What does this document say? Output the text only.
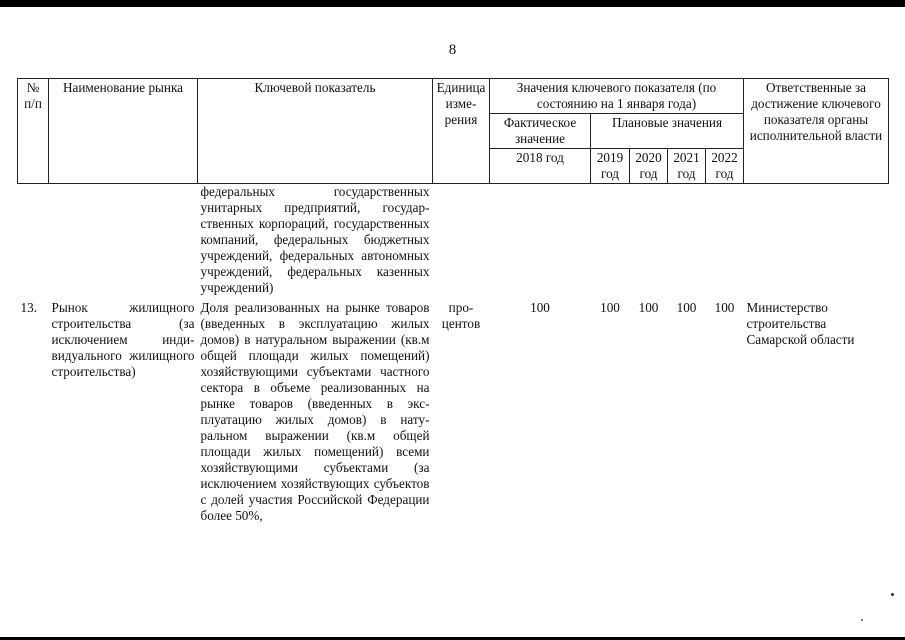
8
№ п/п	Наименование рынка	Ключевой показатель	Единица измерения	Значения ключевого показателя (по состоянию на 1 января года)					Ответственные за достижение ключевого показателя органы исполнительной власти
				Фактическое значение	Плановые значения				
				2018 год	2019 год	2020 год	2021 год	2022 год	
		федеральных государственных унитарных предприятий, государственных корпораций, государственных компаний, федеральных бюджетных учреждений, федеральных автономных учреждений, федеральных казенных учреждений)							

13.	Рынок жилищного строительства (за исключением индивидуального жилищного строительства)	Доля реализованных на рынке товаров (введенных в эксплуатацию жилых домов) в натуральном выражении (кв.м общей площади жилых помещений) хозяйствующими субъектами частного сектора в объеме реализованных на рынке товаров (введенных в эксплуатацию жилых домов) в натуральном выражении (кв.м общей площади жилых помещений) всеми хозяйствующими субъектами (за исключением хозяйствующих субъектов с долей участия Российской Федерации более 50%,	процентов	100	100	100	100	100	Министерство строительства Самарской области
